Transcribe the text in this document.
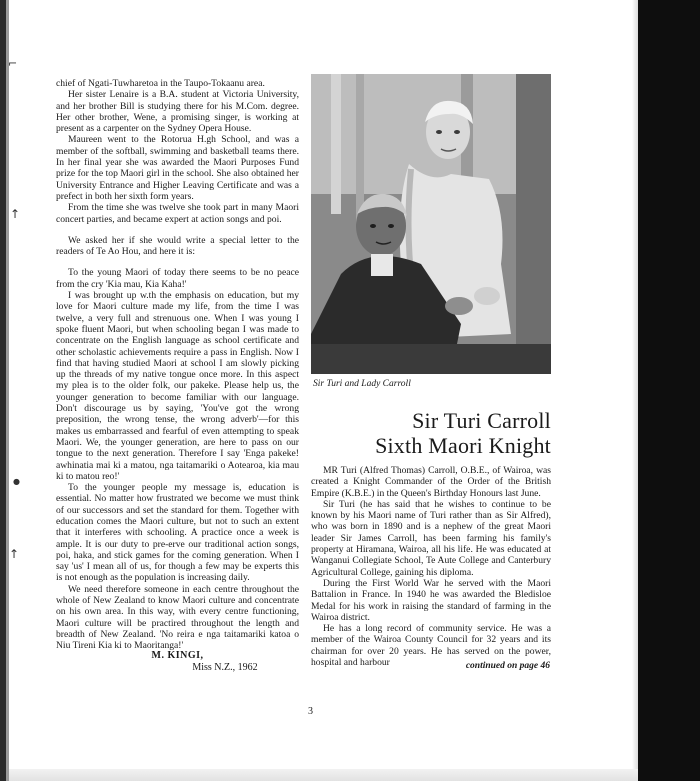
⌐
↑
●
↑

chief of Ngati-Tuwharetoa in the Taupo-Tokaanu area.

Her sister Lenaire is a B.A. student at Victoria University, and her brother Bill is studying there for his M.Com. degree. Her other brother, Wene, a promising singer, is working at present as a carpenter on the Sydney Opera House.

Maureen went to the Rotorua H.gh School, and was a member of the softball, swimming and basketball teams there. In her final year she was awarded the Maori Purposes Fund prize for the top Maori girl in the school. She also obtained her University Entrance and Higher Leaving Certificate and was a prefect in both her sixth form years.

From the time she was twelve she took part in many Maori concert parties, and became expert at action songs and poi.

We asked her if she would write a special letter to the readers of Te Ao Hou, and here it is:

To the young Maori of today there seems to be no peace from the cry 'Kia mau, Kia Kaha!'

I was brought up w.th the emphasis on education, but my love for Maori culture made my life, from the time I was twelve, a very full and strenuous one. When I was young I spoke fluent Maori, but when schooling began I was made to concentrate on the English language as school certificate and other scholastic achievements require a pass in English. Now I find that having studied Maori at school I am slowly picking up the threads of my native tongue once more. In this aspect my plea is to the older folk, our pakeke. Please help us, the younger generation to become familiar with our language. Don't discourage us by saying, 'You've got the wrong preposition, the wrong tense, the wrong adverb'—for this makes us embarrassed and fearful of even attempting to speak Maori. We, the younger generation, are here to pass on our tongue to the next generation. Therefore I say 'Enga pakeke! awhinatia mai ki a matou, nga taitamariki o Aotearoa, kia mau ki to matou reo!'

To the younger people my message is, education is essential. No matter how frustrated we become we must think of our successors and set the standard for them. Together with education comes the Maori culture, but not to such an extent that it interferes with schooling. A practice once a week is ample. It is our duty to pre-erve our traditional action songs, poi, haka, and stick games for the coming generation. When I say 'us' I mean all of us, for though a few may be experts this is not enough as the population is increasing daily.

We need therefore someone in each centre throughout the whole of New Zealand to know Maori culture and concentrate on his own area. In this way, with every centre functioning, Maori culture will be practired throughout the length and breadth of New Zealand. 'No reira e nga taitamariki katoa o Niu Tireni Kia ki to Maoritanga!'

M. KINGI,
Miss N.Z., 1962
Sir Turi and Lady Carroll
Sir Turi Carroll
Sixth Maori Knight

MR Turi (Alfred Thomas) Carroll, O.B.E., of Wairoa, was created a Knight Commander of the Order of the British Empire (K.B.E.) in the Queen's Birthday Honours last June.

Sir Turi (he has said that he wishes to continue to be known by his Maori name of Turi rather than as Sir Alfred), who was born in 1890 and is a nephew of the great Maori leader Sir James Carroll, has been farming his family's property at Hiramana, Wairoa, all his life. He was educated at Wanganui Collegiate School, Te Aute College and Canterbury Agricultural College, gaining his diploma.

During the First World War he served with the Maori Battalion in France. In 1940 he was awarded the Bledisloe Medal for his work in raising the standard of farming in the Wairoa district.

He has a long record of community service. He was a member of the Wairoa County Council for 32 years and its chairman for over 20 years. He has served on the power, hospital and harbour	continued on page 46
3
